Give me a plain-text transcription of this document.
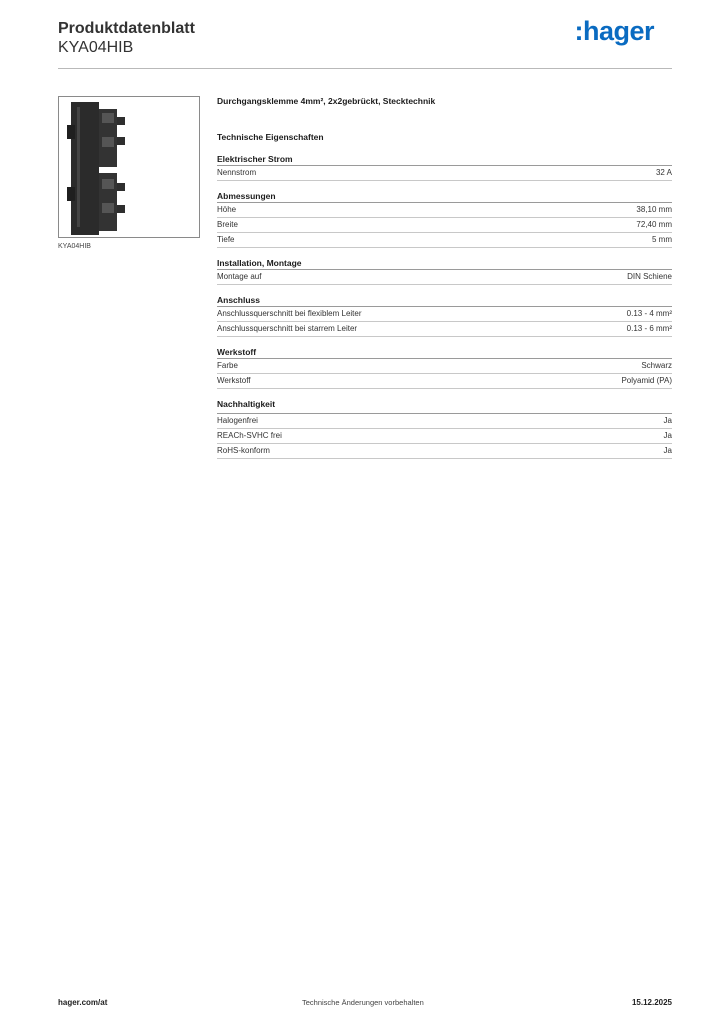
Produktdatenblatt
KYA04HIB
:hager
KYA04HIB
Durchgangsklemme 4mm², 2x2gebrückt, Stecktechnik
Technische Eigenschaften
Elektrischer Strom
Nennstrom	32 A
Abmessungen
Höhe	38,10 mm
Breite	72,40 mm
Tiefe	5 mm
Installation, Montage
Montage auf	DIN Schiene
Anschluss
Anschlussquerschnitt bei flexiblem Leiter	0.13 - 4 mm²
Anschlussquerschnitt bei starrem Leiter	0.13 - 6 mm²
Werkstoff
Farbe	Schwarz
Werkstoff	Polyamid (PA)
Nachhaltigkeit
Halogenfrei	Ja
REACh-SVHC frei	Ja
RoHS-konform	Ja
hager.com/at	Technische Änderungen vorbehalten	15.12.2025
